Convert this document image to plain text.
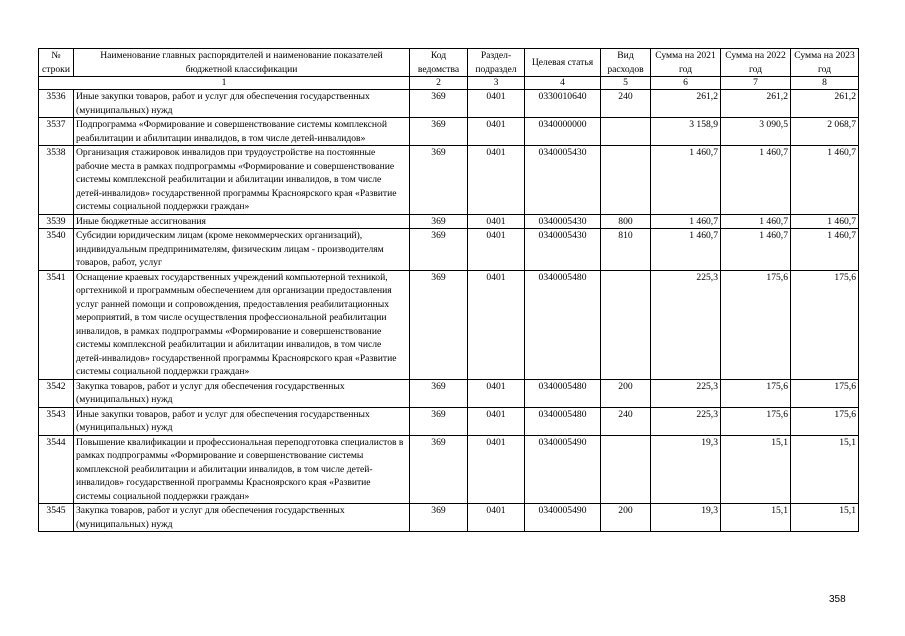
№ строки	Наименование главных распорядителей и наименование показателей бюджетной классификации	Код ведомства	Раздел-подраздел	Целевая статья	Вид расходов	Сумма на 2021 год	Сумма на 2022 год	Сумма на 2023 год
1		2	3	4	5	6	7	8
3536	Иные закупки товаров, работ и услуг для обеспечения государственных (муниципальных) нужд	369	0401	0330010640	240	261,2	261,2	261,2
3537	Подпрограмма «Формирование и совершенствование системы комплексной реабилитации и абилитации инвалидов, в том числе детей-инвалидов»	369	0401	0340000000		3 158,9	3 090,5	2 068,7
3538	Организация стажировок инвалидов при трудоустройстве на постоянные рабочие места в рамках подпрограммы «Формирование и совершенствование системы комплексной реабилитации и абилитации инвалидов, в том числе детей-инвалидов» государственной программы Красноярского края «Развитие системы социальной поддержки граждан»	369	0401	0340005430		1 460,7	1 460,7	1 460,7
3539	Иные бюджетные ассигнования	369	0401	0340005430	800	1 460,7	1 460,7	1 460,7
3540	Субсидии юридическим лицам (кроме некоммерческих организаций), индивидуальным предпринимателям, физическим лицам - производителям товаров, работ, услуг	369	0401	0340005430	810	1 460,7	1 460,7	1 460,7
3541	Оснащение краевых государственных учреждений компьютерной техникой, оргтехникой и программным обеспечением для организации предоставления услуг ранней помощи и сопровождения, предоставления реабилитационных мероприятий, в том числе осуществления профессиональной реабилитации инвалидов, в рамках подпрограммы «Формирование и совершенствование системы комплексной реабилитации и абилитации инвалидов, в том числе детей-инвалидов» государственной программы Красноярского края «Развитие системы социальной поддержки граждан»	369	0401	0340005480		225,3	175,6	175,6
3542	Закупка товаров, работ и услуг для обеспечения государственных (муниципальных) нужд	369	0401	0340005480	200	225,3	175,6	175,6
3543	Иные закупки товаров, работ и услуг для обеспечения государственных (муниципальных) нужд	369	0401	0340005480	240	225,3	175,6	175,6
3544	Повышение квалификации и профессиональная переподготовка специалистов в рамках подпрограммы «Формирование и совершенствование системы комплексной реабилитации и абилитации инвалидов, в том числе детей-инвалидов» государственной программы Красноярского края «Развитие системы социальной поддержки граждан»	369	0401	0340005490		19,3	15,1	15,1
3545	Закупка товаров, работ и услуг для обеспечения государственных (муниципальных) нужд	369	0401	0340005490	200	19,3	15,1	15,1
358
